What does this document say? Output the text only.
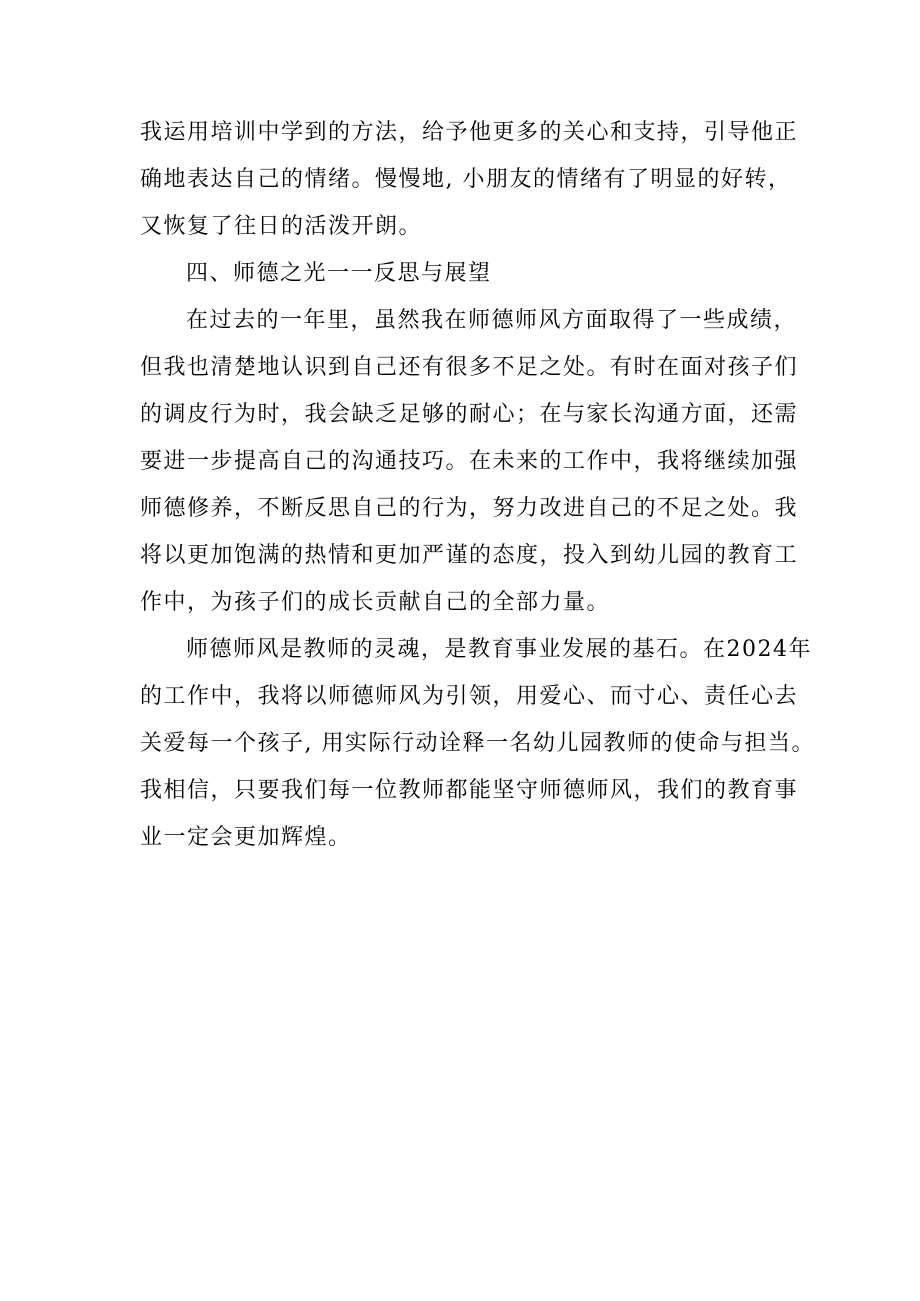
我运用培训中学到的方法，给予他更多的关心和支持，引导他正
确地表达自己的情绪。慢慢地, 小朋友的情绪有了明显的好转，
又恢复了往日的活泼开朗。
四、师德之光一一反思与展望
在过去的一年里，虽然我在师德师风方面取得了一些成绩，
但我也清楚地认识到自己还有很多不足之处。有时在面对孩子们
的调皮行为时，我会缺乏足够的耐心；在与家长沟通方面，还需
要进一步提高自己的沟通技巧。在未来的工作中，我将继续加强
师德修养，不断反思自己的行为，努力改进自己的不足之处。我
将以更加饱满的热情和更加严谨的态度，投入到幼儿园的教育工
作中，为孩子们的成长贡献自己的全部力量。
师德师风是教师的灵魂，是教育事业发展的基石。在2024年
的工作中，我将以师德师风为引领，用爱心、而寸心、责任心去
关爱每一个孩子, 用实际行动诠释一名幼儿园教师的使命与担当。
我相信，只要我们每一位教师都能坚守师德师风，我们的教育事
业一定会更加辉煌。
